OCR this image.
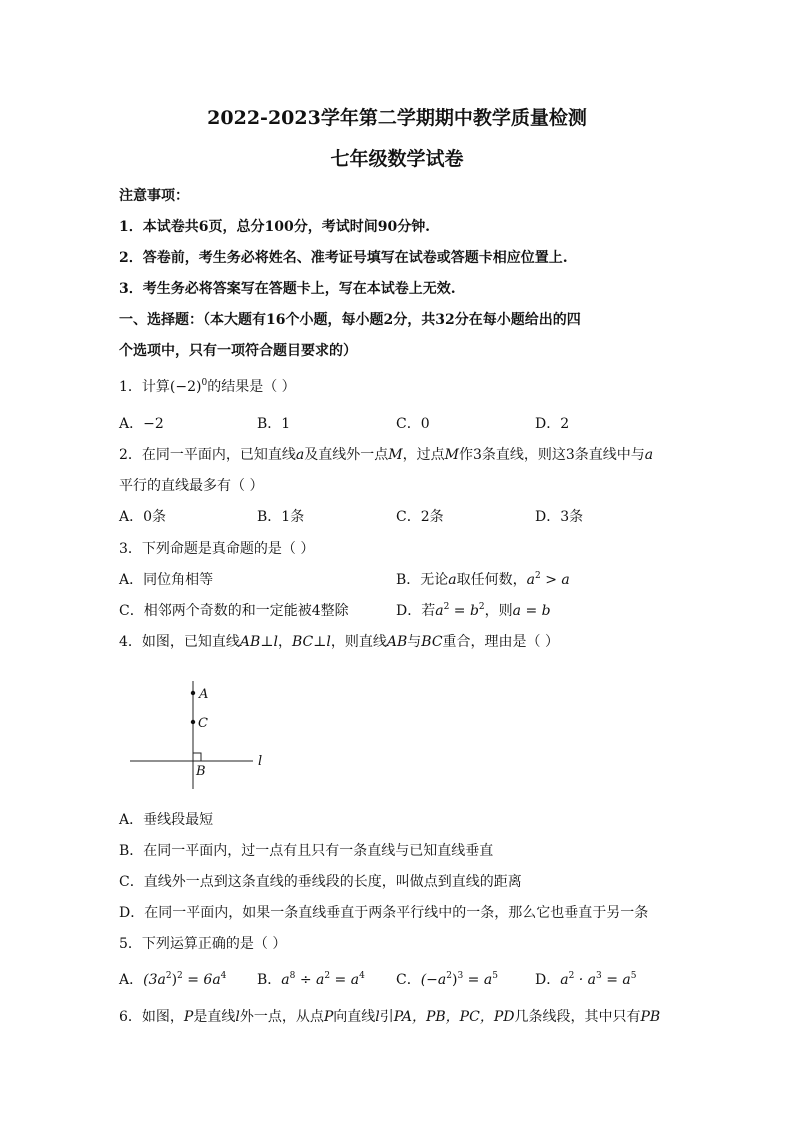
2022-2023学年第二学期期中教学质量检测
七年级数学试卷
注意事项：
1．本试卷共6页，总分100分，考试时间90分钟.
2．答卷前，考生务必将姓名、准考证号填写在试卷或答题卡相应位置上.
3．考生务必将答案写在答题卡上，写在本试卷上无效.
一、选择题：（本大题有16个小题，每小题2分，共32分在每小题给出的四
个选项中，只有一项符合题目要求的）
1．计算$(-2)^0$的结果是（ ）
A．−2	B．1	C．0	D．2
2．在同一平面内，已知直线a及直线外一点M，过点M作3条直线，则这3条直线中与a
平行的直线最多有（ ）
A．0条	B．1条	C．2条	D．3条
3．下列命题是真命题的是（ ）
A．同位角相等	B．无论a取任何数，$a^2 > a$
C．相邻两个奇数的和一定能被4整除	D．若$a^2 = b^2$，则a = b
4．如图，已知直线AB⊥l，BC⊥l，则直线AB与BC重合，理由是（ ）
A
C
B
l
A．垂线段最短
B．在同一平面内，过一点有且只有一条直线与已知直线垂直
C．直线外一点到这条直线的垂线段的长度，叫做点到直线的距离
D．在同一平面内，如果一条直线垂直于两条平行线中的一条，那么它也垂直于另一条
5．下列运算正确的是（ ）
A．$(3a^2)^2 = 6a^4$ B．$a^8 \div a^2 = a^4$ C．$(-a^2)^3 = a^5$	D．$a^2 \cdot a^3 = a^5$
6．如图，P是直线l外一点，从点P向直线l引PA，PB，PC，PD几条线段，其中只有PB
